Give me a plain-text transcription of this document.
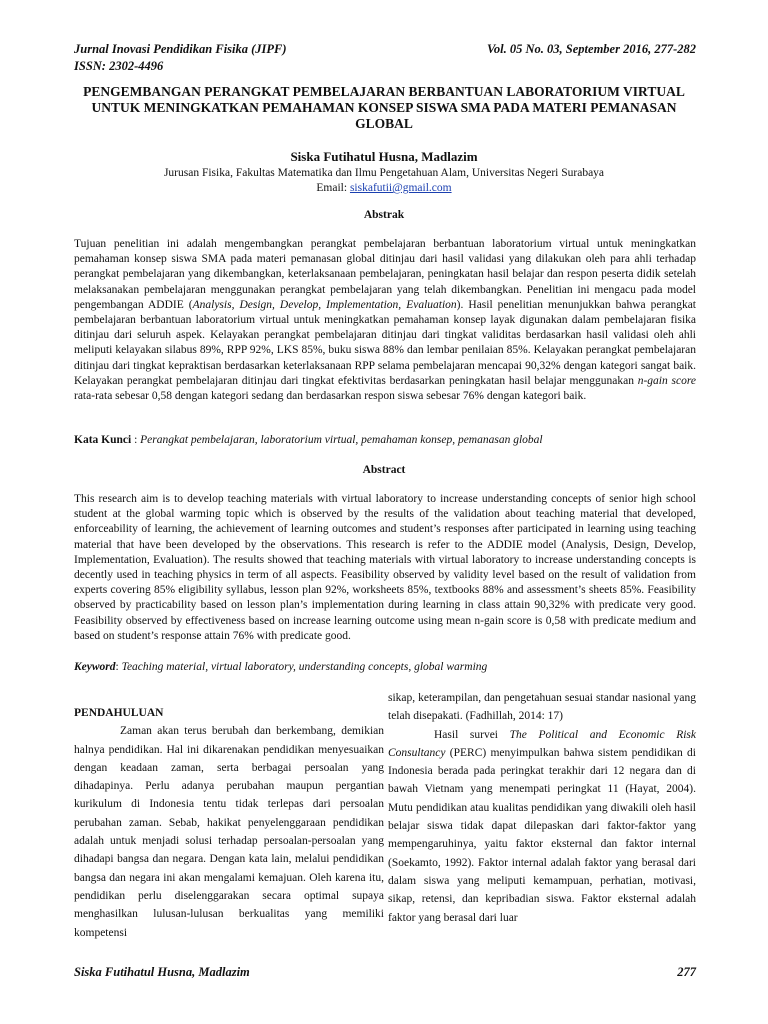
Jurnal Inovasi Pendidikan Fisika (JIPF)	Vol. 05 No. 03, September 2016, 277-282
ISSN: 2302-4496
PENGEMBANGAN PERANGKAT PEMBELAJARAN BERBANTUAN LABORATORIUM VIRTUAL UNTUK MENINGKATKAN PEMAHAMAN KONSEP SISWA SMA PADA MATERI PEMANASAN GLOBAL
Siska Futihatul Husna, Madlazim
Jurusan Fisika, Fakultas Matematika dan Ilmu Pengetahuan Alam, Universitas Negeri Surabaya
Email: siskafutii@gmail.com
Abstrak
Tujuan penelitian ini adalah mengembangkan perangkat pembelajaran berbantuan laboratorium virtual untuk meningkatkan pemahaman konsep siswa SMA pada materi pemanasan global ditinjau dari hasil validasi yang dilakukan oleh para ahli terhadap perangkat pembelajaran yang dikembangkan, keterlaksanaan pembelajaran, peningkatan hasil belajar dan respon peserta didik setelah melaksanakan pembelajaran menggunakan perangkat pembelajaran yang telah dikembangkan. Penelitian ini mengacu pada model pengembangan ADDIE (Analysis, Design, Develop, Implementation, Evaluation). Hasil penelitian menunjukkan bahwa perangkat pembelajaran berbantuan laboratorium virtual untuk meningkatkan pemahaman konsep layak digunakan dalam pembelajaran fisika ditinjau dari seluruh aspek. Kelayakan perangkat pembelajaran ditinjau dari tingkat validitas berdasarkan hasil validasi oleh ahli meliputi kelayakan silabus 89%, RPP 92%, LKS 85%, buku siswa 88% dan lembar penilaian 85%. Kelayakan perangkat pembelajaran ditinjau dari tingkat kepraktisan berdasarkan keterlaksanaan RPP selama pembelajaran mencapai 90,32% dengan kategori sangat baik. Kelayakan perangkat pembelajaran ditinjau dari tingkat efektivitas berdasarkan peningkatan hasil belajar menggunakan n-gain score rata-rata sebesar 0,58 dengan kategori sedang dan berdasarkan respon siswa sebesar 76% dengan kategori baik.
Kata Kunci : Perangkat pembelajaran, laboratorium virtual, pemahaman konsep, pemanasan global
Abstract
This research aim is to develop teaching materials with virtual laboratory to increase understanding concepts of senior high school student at the global warming topic which is observed by the results of the validation about teaching material that developed, enforceability of learning, the achievement of learning outcomes and student’s responses after participated in learning using teaching material that have been developed by the observations. This research is refer to the ADDIE model (Analysis, Design, Develop, Implementation, Evaluation). The results showed that teaching materials with virtual laboratory to increase understanding concepts is decently used in teaching physics in term of all aspects. Feasibility observed by validity level based on the result of validation from experts covering 85% eligibility syllabus, lesson plan 92%, worksheets 85%, textbooks 88% and assessment’s sheets 85%. Feasibility observed by practicability based on lesson plan’s implementation during learning in class attain 90,32% with predicate very good. Feasibility observed by effectiveness based on increase learning outcome using mean n-gain score is 0,58 with predicate medium and based on student’s response attain 76% with predicate good.
Keyword: Teaching material, virtual laboratory, understanding concepts, global warming

PENDAHULUAN

Zaman akan terus berubah dan berkembang, demikian halnya pendidikan. Hal ini dikarenakan pendidikan menyesuaikan dengan keadaan zaman, serta berbagai persoalan yang dihadapinya. Perlu adanya perubahan maupun pergantian kurikulum di Indonesia tentu tidak terlepas dari persoalan perubahan zaman. Sebab, hakikat penyelenggaraan pendidikan adalah untuk menjadi solusi terhadap persoalan-persoalan yang dihadapi bangsa dan negara. Dengan kata lain, melalui pendidikan bangsa dan negara ini akan mengalami kemajuan. Oleh karena itu, pendidikan perlu diselenggarakan secara optimal supaya menghasilkan lulusan-lulusan berkualitas yang memiliki kompetensi

sikap, keterampilan, dan pengetahuan sesuai standar nasional yang telah disepakati. (Fadhillah, 2014: 17)

Hasil survei The Political and Economic Risk Consultancy (PERC) menyimpulkan bahwa sistem pendidikan di Indonesia berada pada peringkat terakhir dari 12 negara dan di bawah Vietnam yang menempati peringkat 11 (Hayat, 2004). Mutu pendidikan atau kualitas pendidikan yang diwakili oleh hasil belajar siswa tidak dapat dilepaskan dari faktor-faktor yang mempengaruhinya, yaitu faktor eksternal dan faktor internal (Soekamto, 1992). Faktor internal adalah faktor yang berasal dari dalam siswa yang meliputi kemampuan, perhatian, motivasi, sikap, retensi, dan kepribadian siswa. Faktor eksternal adalah faktor yang berasal dari luar

Siska Futihatul Husna, Madlazim	277
